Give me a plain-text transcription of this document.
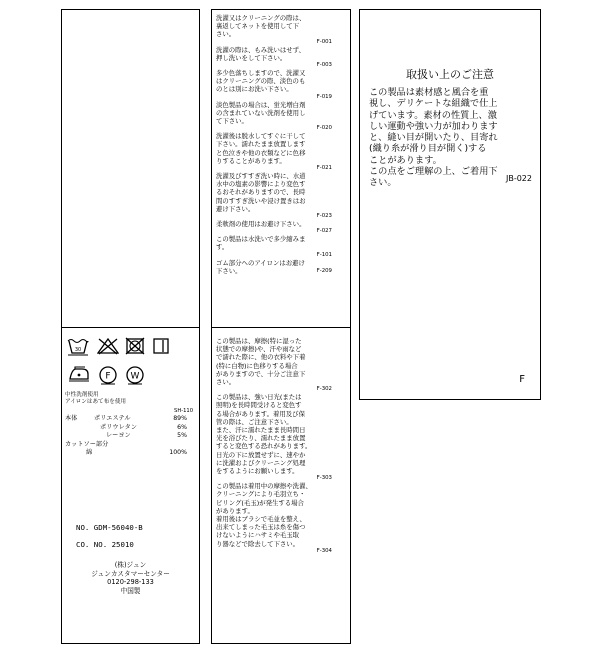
30
F W
中性洗剤使用
アイロンはあて布を使用
SH-110
本体	ポリエステル	89%
ポリウレタン	6%
レーヨン	5%
カットソー部分
綿	100%
NO. GDM-56040-B
CO. NO. 25010
(株)ジュン
ジュンカスタマーセンター
0120-298-133
中国製
洗濯又はクリーニングの際は、
裏返してネットを使用して下
さい。
F-001
洗濯の際は、もみ洗いはせず、
押し洗いをして下さい。
F-003
多少色落ちしますので、洗濯又
はクリーニングの際、淡色のも
のとは別にお洗い下さい。
F-019
淡色製品の場合は、蛍光増白剤
の含まれていない洗剤を使用し
て下さい。
F-020
洗濯後は脱水してすぐに干して
下さい。濡れたまま放置します
と色泣きや他の衣類などに色移
りすることがあります。
F-021
洗濯及びすすぎ洗い時に、水道
水中の塩素の影響により変色す
るおそれがありますので、長時
間のすすぎ洗いや浸け置きはお
避け下さい。
F-023
柔軟剤の使用はお避け下さい。
F-027
この製品は水洗いで多少縮みま
す。
F-101
ゴム部分へのアイロンはお避け
下さい。	F-209
この製品は、摩擦(特に湿った
状態での摩擦)や、汗や雨など
で濡れた際に、他の衣料や下着
(特に白物)に色移りする場合
がありますので、十分ご注意下
さい。
F-302
この製品は、強い日光(または
照明)を長時間受けると変色す
る場合があります。着用及び保
管の際は、ご注意下さい。
また、汗に濡れたまま長時間日
光を浴びたり、濡れたまま放置
すると変色する恐れがあります。
日光の下に放置せずに、速やか
に洗濯およびクリーニング処理
をするようにお願いします。
F-303
この製品は着用中の摩擦や洗濯、
クリーニングにより毛羽立ち・
ピリング(毛玉)が発生する場合
があります。
着用後はブラシで毛並を整え、
出来てしまった毛玉は糸を傷つ
けないようにハサミや毛玉取
り器などで除去して下さい。
F-304
取扱い上のご注意
この製品は素材感と風合を重
視し、デリケートな組織で仕上
げています。素材の性質上、激
しい運動や強い力が加わります
と、縫い目が開いたり、目寄れ
(織り糸が滑り目が開く)する
ことがあります。
この点をご理解の上、ご着用下
さい。	JB-022
F
